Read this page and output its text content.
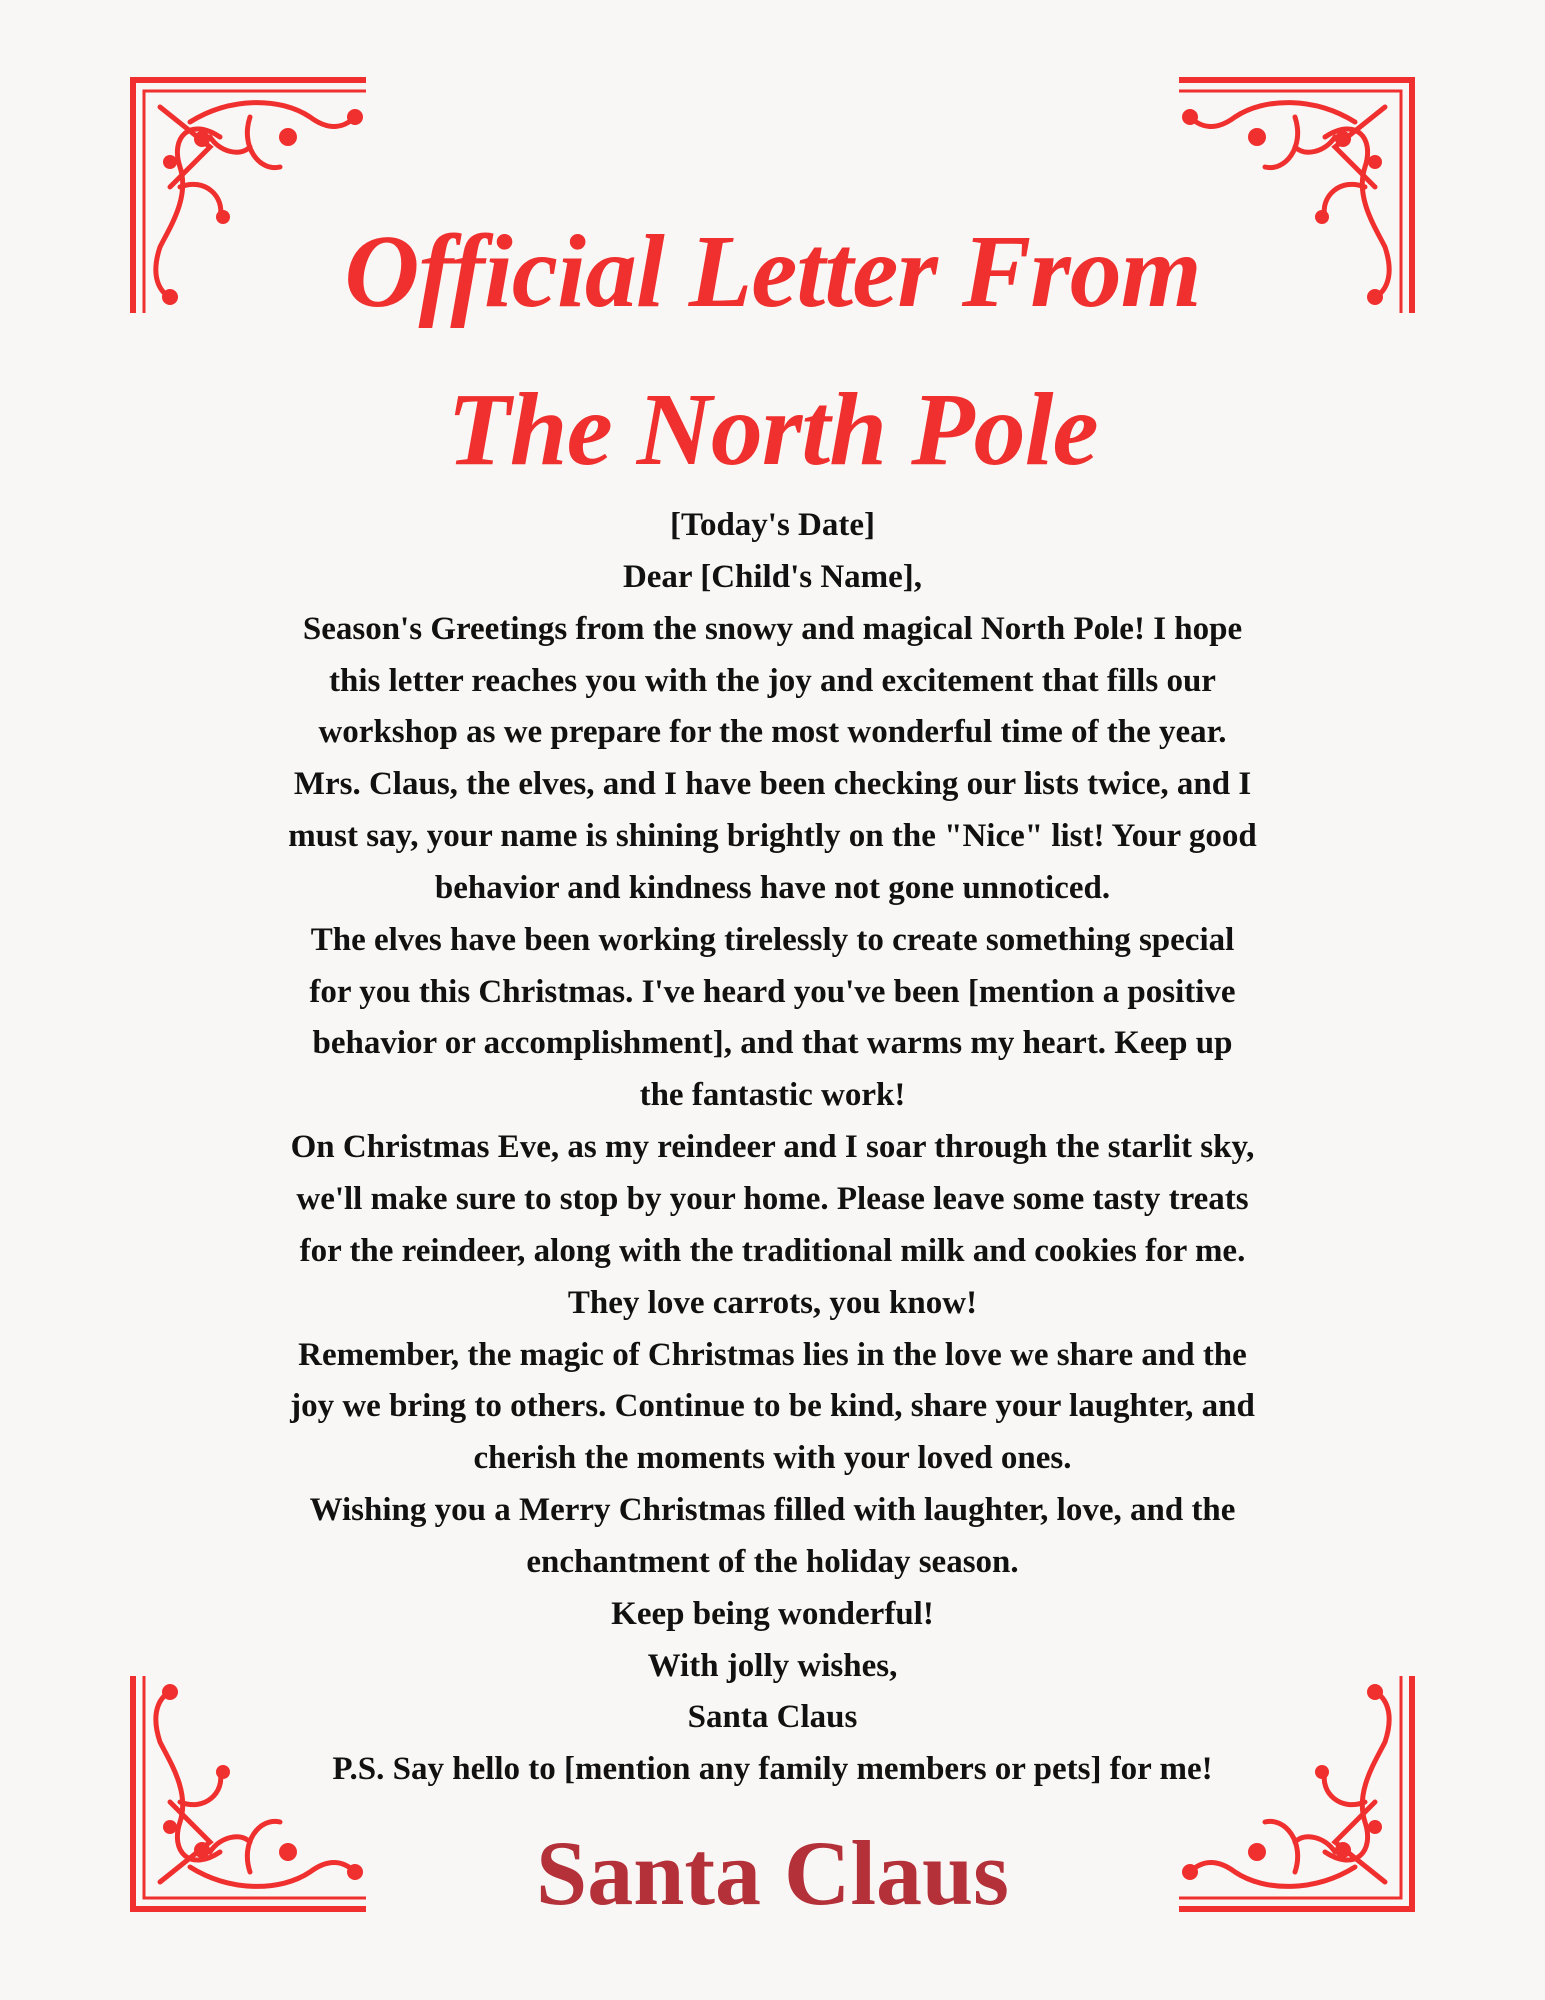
Official Letter From
The North Pole
[Today's Date]
Dear [Child's Name],
Season's Greetings from the snowy and magical North Pole! I hope
this letter reaches you with the joy and excitement that fills our
workshop as we prepare for the most wonderful time of the year.
Mrs. Claus, the elves, and I have been checking our lists twice, and I
must say, your name is shining brightly on the "Nice" list! Your good
behavior and kindness have not gone unnoticed.
The elves have been working tirelessly to create something special
for you this Christmas. I've heard you've been [mention a positive
behavior or accomplishment], and that warms my heart. Keep up
the fantastic work!
On Christmas Eve, as my reindeer and I soar through the starlit sky,
we'll make sure to stop by your home. Please leave some tasty treats
for the reindeer, along with the traditional milk and cookies for me.
They love carrots, you know!
Remember, the magic of Christmas lies in the love we share and the
joy we bring to others. Continue to be kind, share your laughter, and
cherish the moments with your loved ones.
Wishing you a Merry Christmas filled with laughter, love, and the
enchantment of the holiday season.
Keep being wonderful!
With jolly wishes,
Santa Claus
P.S. Say hello to [mention any family members or pets] for me!
Santa Claus
